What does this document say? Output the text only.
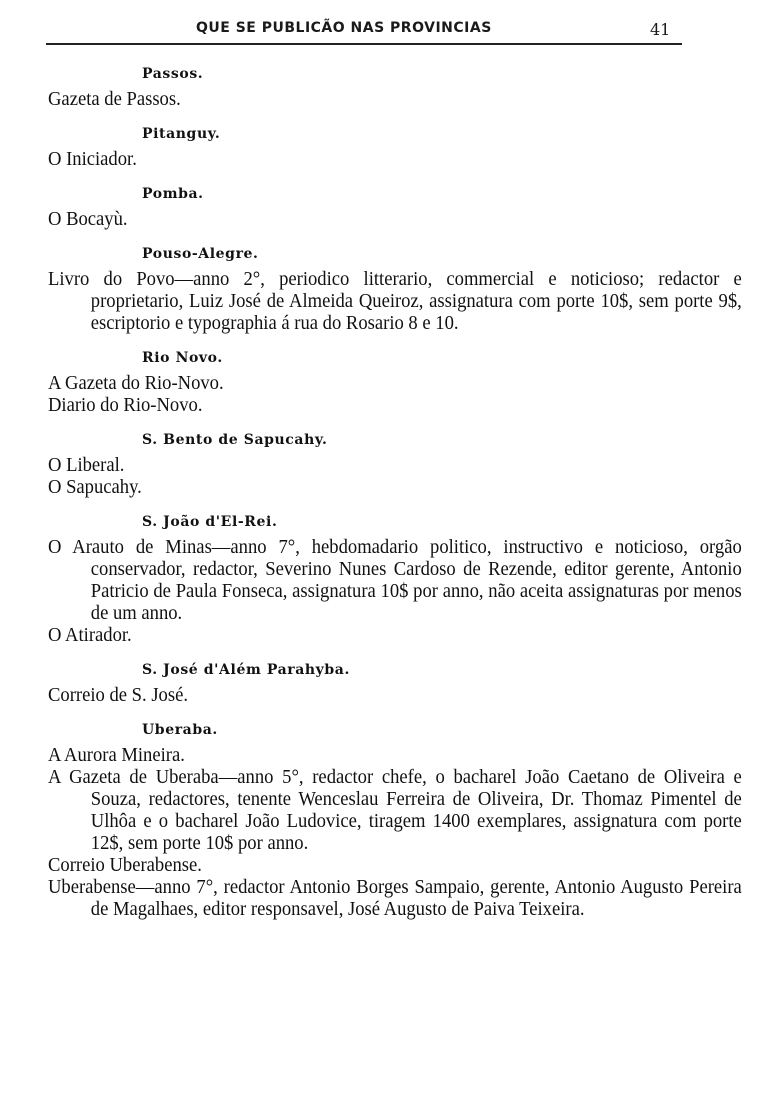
QUE SE PUBLICÃO NAS PROVINCIAS	41
Passos.

Gazeta de Passos.

Pitanguy.

O Iniciador.

Pomba.

O Bocayù.

Pouso-Alegre.

Livro do Povo—anno 2°, periodico litterario, commercial e noticioso; redactor e proprietario, Luiz José de Almeida Queiroz, assignatura com porte 10$, sem porte 9$, escriptorio e typographia á rua do Rosario 8 e 10.

Rio Novo.

A Gazeta do Rio-Novo.

Diario do Rio-Novo.

S. Bento de Sapucahy.

O Liberal.

O Sapucahy.

S. João d'El-Rei.

O Arauto de Minas—anno 7°, hebdomadario politico, instructivo e noticioso, orgão conservador, redactor, Severino Nunes Cardoso de Rezende, editor gerente, Antonio Patricio de Paula Fonseca, assignatura 10$ por anno, não aceita assignaturas por menos de um anno.

O Atirador.

S. José d'Além Parahyba.

Correio de S. José.

Uberaba.

A Aurora Mineira.

A Gazeta de Uberaba—anno 5°, redactor chefe, o bacharel João Caetano de Oliveira e Souza, redactores, tenente Wenceslau Ferreira de Oliveira, Dr. Thomaz Pimentel de Ulhôa e o bacharel João Ludovice, tiragem 1400 exemplares, assignatura com porte 12$, sem porte 10$ por anno.

Correio Uberabense.

Uberabense—anno 7°, redactor Antonio Borges Sampaio, gerente, Antonio Augusto Pereira de Magalhaes, editor responsavel, José Augusto de Paiva Teixeira.
